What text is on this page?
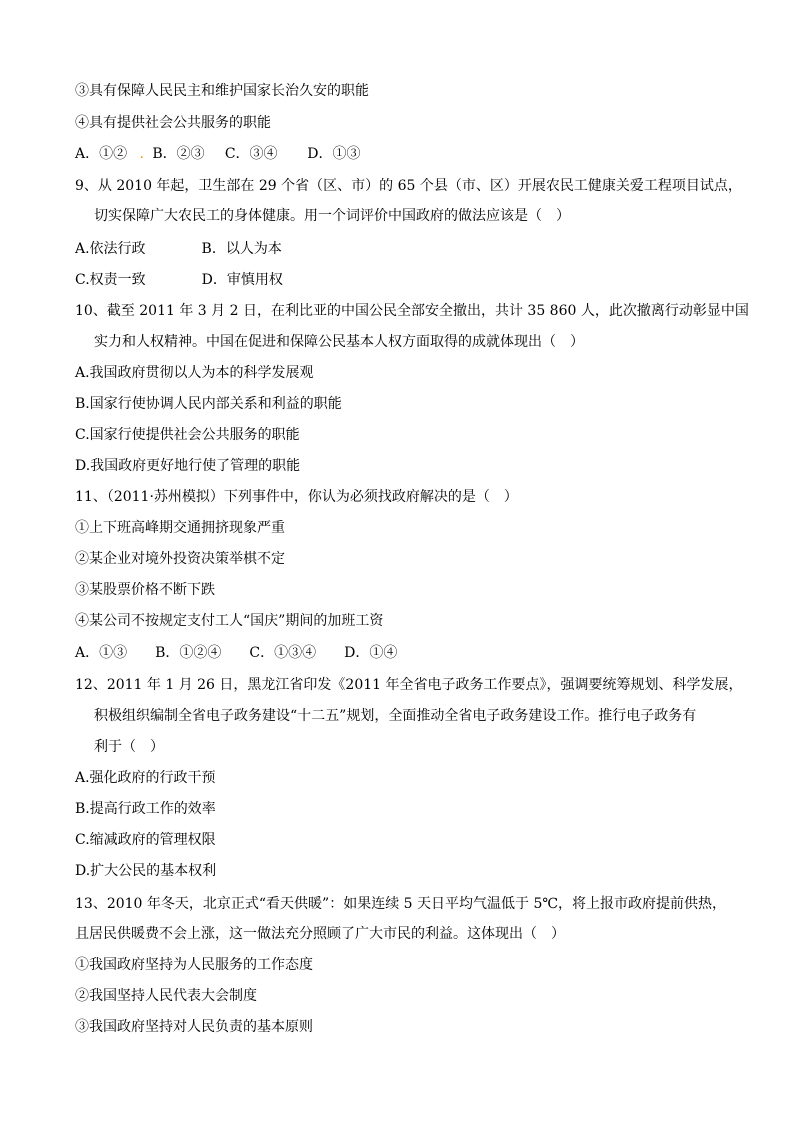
③具有保障人民民主和维护国家长治久安的职能
④具有提供社会公共服务的职能
A．①② . B．②③ C．③④ D．①③
9、从 2010 年起，卫生部在 29 个省（区、市）的 65 个县（市、区）开展农民工健康关爱工程项目试点，
切实保障广大农民工的身体健康。用一个词评价中国政府的做法应该是（　）
A.依法行政　　　　B．以人为本
C.权责一致　　　　D．审慎用权
10、截至 2011 年 3 月 2 日，在利比亚的中国公民全部安全撤出，共计 35 860 人，此次撤离行动彰显中国
实力和人权精神。中国在促进和保障公民基本人权方面取得的成就体现出（　）
A.我国政府贯彻以人为本的科学发展观
B.国家行使协调人民内部关系和利益的职能
C.国家行使提供社会公共服务的职能
D.我国政府更好地行使了管理的职能
11、（2011·苏州模拟）下列事件中，你认为必须找政府解决的是（　）
①上下班高峰期交通拥挤现象严重
②某企业对境外投资决策举棋不定
③某股票价格不断下跌
④某公司不按规定支付工人“国庆”期间的加班工资
A．①③　　B．①②④　　C．①③④　　D．①④
12、2011 年 1 月 26 日，黑龙江省印发《2011 年全省电子政务工作要点》，强调要统筹规划、科学发展，
积极组织编制全省电子政务建设“十二五”规划，全面推动全省电子政务建设工作。推行电子政务有
利于（　）
A.强化政府的行政干预
B.提高行政工作的效率
C.缩减政府的管理权限
D.扩大公民的基本权利
13、2010 年冬天，北京正式“看天供暖”：如果连续 5 天日平均气温低于 5℃，将上报市政府提前供热，
且居民供暖费不会上涨，这一做法充分照顾了广大市民的利益。这体现出（　）
①我国政府坚持为人民服务的工作态度
②我国坚持人民代表大会制度
③我国政府坚持对人民负责的基本原则
